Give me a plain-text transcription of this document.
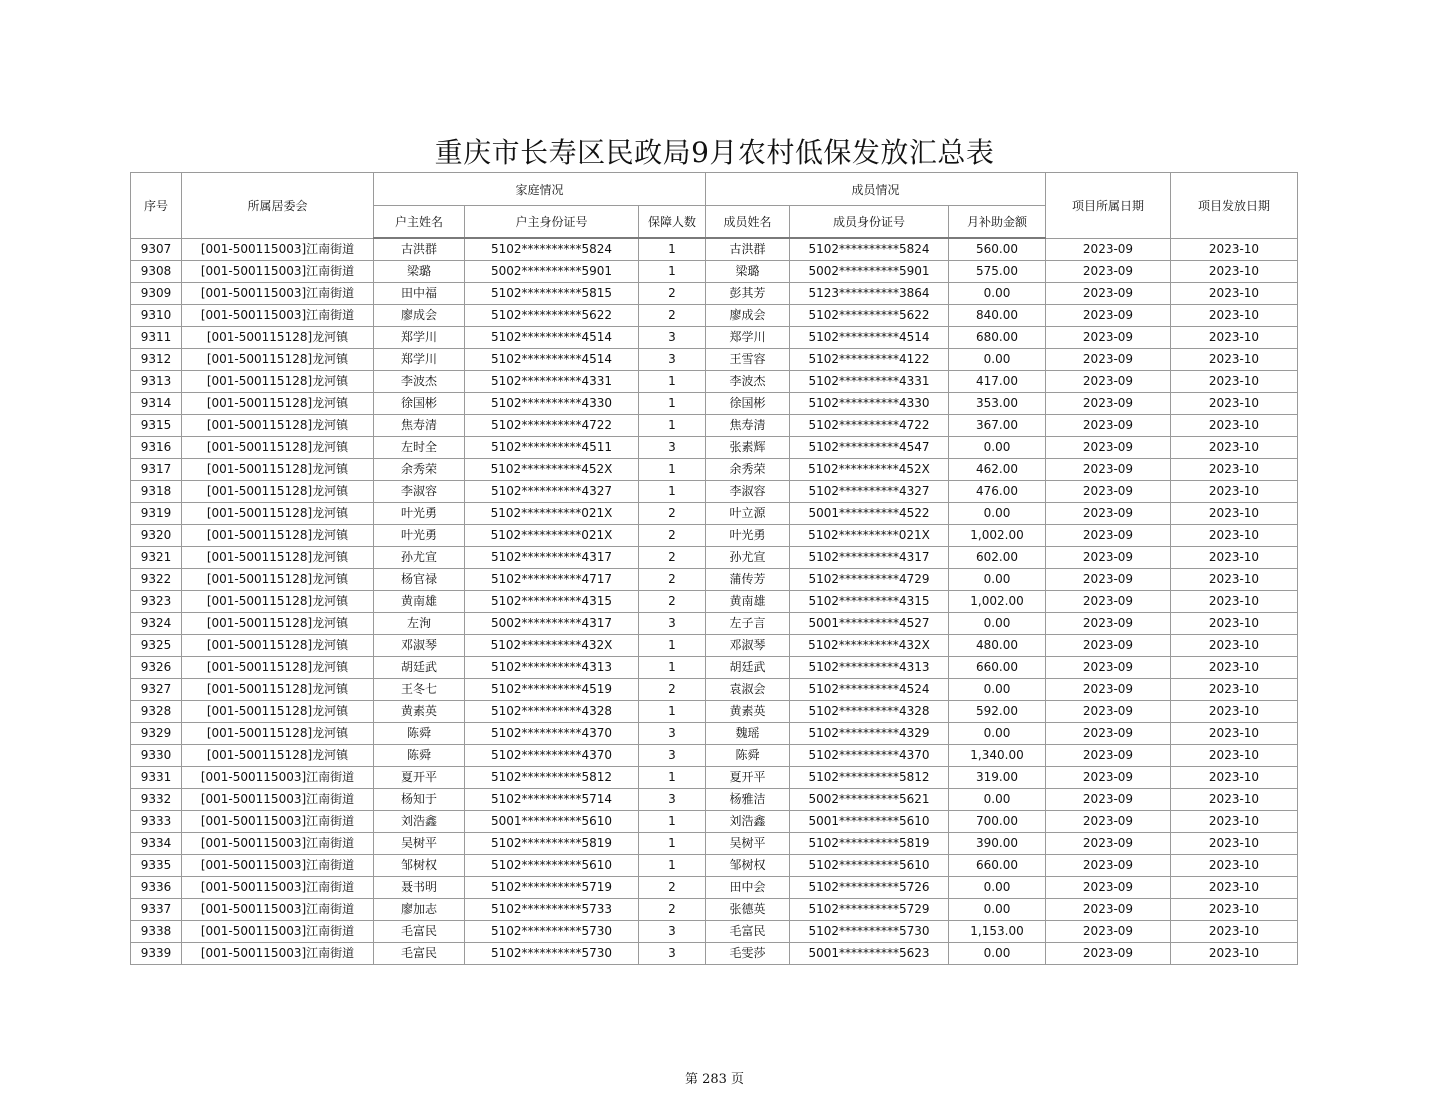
重庆市长寿区民政局9月农村低保发放汇总表
序号	所属居委会	家庭情况			成员情况			项目所属日期	项目发放日期
		户主姓名	户主身份证号	保障人数	成员姓名	成员身份证号	月补助金额		
9307	[001-500115003]江南街道	古洪群	5102**********5824	1	古洪群	5102**********5824	560.00	2023-09	2023-10
9308	[001-500115003]江南街道	梁璐	5002**********5901	1	梁璐	5002**********5901	575.00	2023-09	2023-10
9309	[001-500115003]江南街道	田中福	5102**********5815	2	彭其芳	5123**********3864	0.00	2023-09	2023-10
9310	[001-500115003]江南街道	廖成会	5102**********5622	2	廖成会	5102**********5622	840.00	2023-09	2023-10
9311	[001-500115128]龙河镇	郑学川	5102**********4514	3	郑学川	5102**********4514	680.00	2023-09	2023-10
9312	[001-500115128]龙河镇	郑学川	5102**********4514	3	王雪容	5102**********4122	0.00	2023-09	2023-10
9313	[001-500115128]龙河镇	李波杰	5102**********4331	1	李波杰	5102**********4331	417.00	2023-09	2023-10
9314	[001-500115128]龙河镇	徐国彬	5102**********4330	1	徐国彬	5102**********4330	353.00	2023-09	2023-10
9315	[001-500115128]龙河镇	焦寿清	5102**********4722	1	焦寿清	5102**********4722	367.00	2023-09	2023-10
9316	[001-500115128]龙河镇	左时全	5102**********4511	3	张素辉	5102**********4547	0.00	2023-09	2023-10
9317	[001-500115128]龙河镇	余秀荣	5102**********452X	1	余秀荣	5102**********452X	462.00	2023-09	2023-10
9318	[001-500115128]龙河镇	李淑容	5102**********4327	1	李淑容	5102**********4327	476.00	2023-09	2023-10
9319	[001-500115128]龙河镇	叶光勇	5102**********021X	2	叶立源	5001**********4522	0.00	2023-09	2023-10
9320	[001-500115128]龙河镇	叶光勇	5102**********021X	2	叶光勇	5102**********021X	1,002.00	2023-09	2023-10
9321	[001-500115128]龙河镇	孙尤宣	5102**********4317	2	孙尤宣	5102**********4317	602.00	2023-09	2023-10
9322	[001-500115128]龙河镇	杨官禄	5102**********4717	2	蒲传芳	5102**********4729	0.00	2023-09	2023-10
9323	[001-500115128]龙河镇	黄南雄	5102**********4315	2	黄南雄	5102**********4315	1,002.00	2023-09	2023-10
9324	[001-500115128]龙河镇	左洵	5002**********4317	3	左子言	5001**********4527	0.00	2023-09	2023-10
9325	[001-500115128]龙河镇	邓淑琴	5102**********432X	1	邓淑琴	5102**********432X	480.00	2023-09	2023-10
9326	[001-500115128]龙河镇	胡廷武	5102**********4313	1	胡廷武	5102**********4313	660.00	2023-09	2023-10
9327	[001-500115128]龙河镇	王冬七	5102**********4519	2	袁淑会	5102**********4524	0.00	2023-09	2023-10
9328	[001-500115128]龙河镇	黄素英	5102**********4328	1	黄素英	5102**********4328	592.00	2023-09	2023-10
9329	[001-500115128]龙河镇	陈舜	5102**********4370	3	魏瑶	5102**********4329	0.00	2023-09	2023-10
9330	[001-500115128]龙河镇	陈舜	5102**********4370	3	陈舜	5102**********4370	1,340.00	2023-09	2023-10
9331	[001-500115003]江南街道	夏开平	5102**********5812	1	夏开平	5102**********5812	319.00	2023-09	2023-10
9332	[001-500115003]江南街道	杨知于	5102**********5714	3	杨雅洁	5002**********5621	0.00	2023-09	2023-10
9333	[001-500115003]江南街道	刘浩鑫	5001**********5610	1	刘浩鑫	5001**********5610	700.00	2023-09	2023-10
9334	[001-500115003]江南街道	吴树平	5102**********5819	1	吴树平	5102**********5819	390.00	2023-09	2023-10
9335	[001-500115003]江南街道	邹树权	5102**********5610	1	邹树权	5102**********5610	660.00	2023-09	2023-10
9336	[001-500115003]江南街道	聂书明	5102**********5719	2	田中会	5102**********5726	0.00	2023-09	2023-10
9337	[001-500115003]江南街道	廖加志	5102**********5733	2	张德英	5102**********5729	0.00	2023-09	2023-10
9338	[001-500115003]江南街道	毛富民	5102**********5730	3	毛富民	5102**********5730	1,153.00	2023-09	2023-10
9339	[001-500115003]江南街道	毛富民	5102**********5730	3	毛雯莎	5001**********5623	0.00	2023-09	2023-10
第 283 页
